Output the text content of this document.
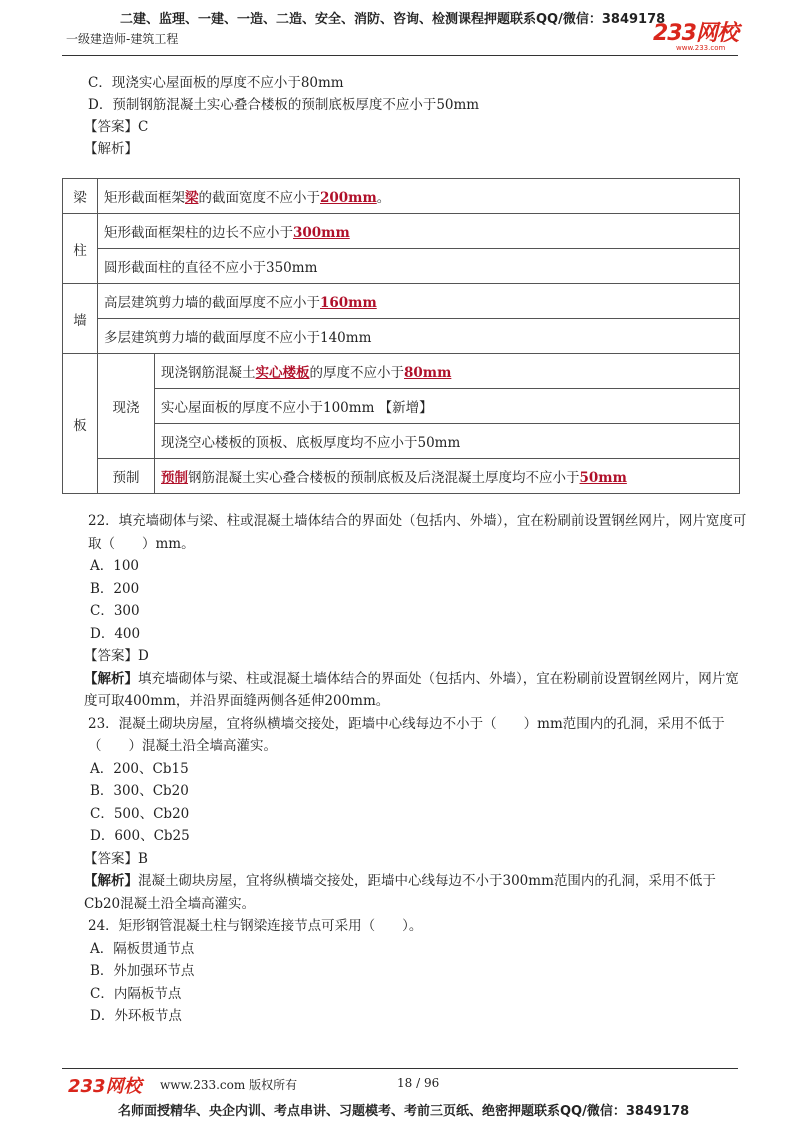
二建、监理、一建、一造、二造、安全、消防、咨询、检测课程押题联系QQ/微信：3849178
一级建造师-建筑工程	233网校
www.233.com
C．现浇实心屋面板的厚度不应小于80mm
D．预制钢筋混凝土实心叠合楼板的预制底板厚度不应小于50mm
【答案】C
【解析】
梁	矩形截面框架梁的截面宽度不应小于200mm。	
柱	矩形截面框架柱的边长不应小于300mm	
	圆形截面柱的直径不应小于350mm	
墙	高层建筑剪力墙的截面厚度不应小于160mm	
	多层建筑剪力墙的截面厚度不应小于140mm	
板	现浇	现浇钢筋混凝土实心楼板的厚度不应小于80mm
		实心屋面板的厚度不应小于100mm 【新增】
		现浇空心楼板的顶板、底板厚度均不应小于50mm
	预制	预制钢筋混凝土实心叠合楼板的预制底板及后浇混凝土厚度均不应小于50mm
22．填充墙砌体与梁、柱或混凝土墙体结合的界面处（包括内、外墙），宜在粉刷前设置钢丝网片，网片宽度可取（　　）mm。
A．100
B．200
C．300
D．400
【答案】D
【解析】填充墙砌体与梁、柱或混凝土墙体结合的界面处（包括内、外墙），宜在粉刷前设置钢丝网片，网片宽度可取400mm，并沿界面缝两侧各延伸200mm。
23．混凝土砌块房屋，宜将纵横墙交接处，距墙中心线每边不小于（　　）mm范围内的孔洞，采用不低于（　　）混凝土沿全墙高灌实。
A．200、Cb15
B．300、Cb20
C．500、Cb20
D．600、Cb25
【答案】B
【解析】混凝土砌块房屋，宜将纵横墙交接处，距墙中心线每边不小于300mm范围内的孔洞，采用不低于Cb20混凝土沿全墙高灌实。
24．矩形钢管混凝土柱与钢梁连接节点可采用（　　）。
A．隔板贯通节点
B．外加强环节点
C．内隔板节点
D．外环板节点
233网校 www.233.com 版权所有	18 / 96
名师面授精华、央企内训、考点串讲、习题模考、考前三页纸、绝密押题联系QQ/微信：3849178
